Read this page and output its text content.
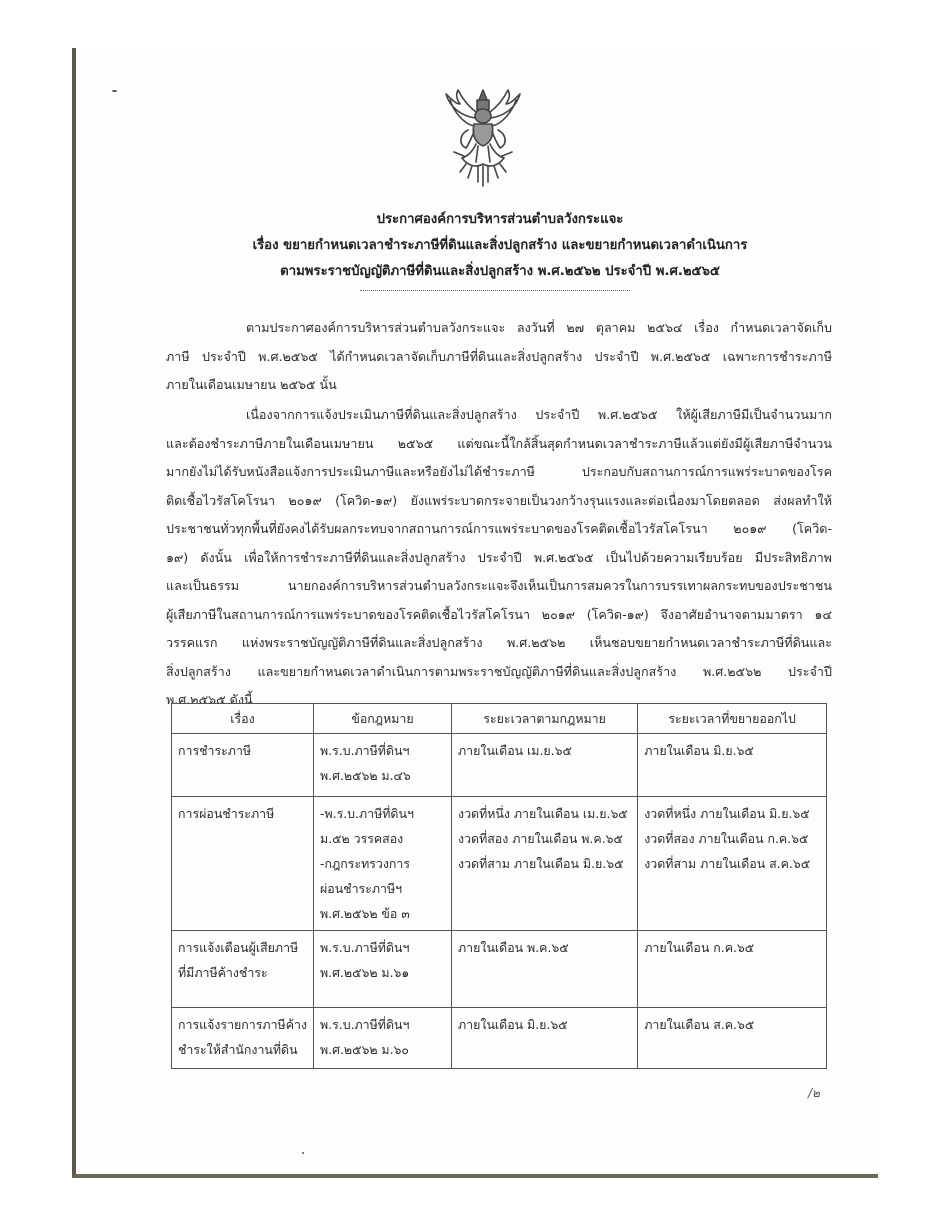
ประกาศองค์การบริหารส่วนตำบลวังกระแจะ
เรื่อง ขยายกำหนดเวลาชำระภาษีที่ดินและสิ่งปลูกสร้าง และขยายกำหนดเวลาดำเนินการ
ตามพระราชบัญญัติภาษีที่ดินและสิ่งปลูกสร้าง พ.ศ.๒๕๖๒ ประจำปี พ.ศ.๒๕๖๕
ตามประกาศองค์การบริหารส่วนตำบลวังกระแจะ ลงวันที่ ๒๗ ตุลาคม ๒๕๖๔ เรื่อง กำหนดเวลาจัดเก็บ
ภาษี ประจำปี พ.ศ.๒๕๖๕ ได้กำหนดเวลาจัดเก็บภาษีที่ดินและสิ่งปลูกสร้าง ประจำปี พ.ศ.๒๕๖๕ เฉพาะการชำระภาษี
ภายในเดือนเมษายน ๒๕๖๕ นั้น
เนื่องจากการแจ้งประเมินภาษีที่ดินและสิ่งปลูกสร้าง ประจำปี พ.ศ.๒๕๖๕ ให้ผู้เสียภาษีมีเป็นจำนวนมาก
และต้องชำระภาษีภายในเดือนเมษายน ๒๕๖๕ แต่ขณะนี้ใกล้สิ้นสุดกำหนดเวลาชำระภาษีแล้วแต่ยังมีผู้เสียภาษีจำนวน
มากยังไม่ได้รับหนังสือแจ้งการประเมินภาษีและหรือยังไม่ได้ชำระภาษี ประกอบกับสถานการณ์การแพร่ระบาดของโรค
ติดเชื้อไวรัสโคโรนา ๒๐๑๙ (โควิด-๑๙) ยังแพร่ระบาดกระจายเป็นวงกว้างรุนแรงและต่อเนื่องมาโดยตลอด ส่งผลทำให้
ประชาชนทั่วทุกพื้นที่ยังคงได้รับผลกระทบจากสถานการณ์การแพร่ระบาดของโรคติดเชื้อไวรัสโคโรนา ๒๐๑๙ (โควิด-
๑๙) ดังนั้น เพื่อให้การชำระภาษีที่ดินและสิ่งปลูกสร้าง ประจำปี พ.ศ.๒๕๖๕ เป็นไปด้วยความเรียบร้อย มีประสิทธิภาพ
และเป็นธรรม นายกองค์การบริหารส่วนตำบลวังกระแจะจึงเห็นเป็นการสมควรในการบรรเทาผลกระทบของประชาชน
ผู้เสียภาษีในสถานการณ์การแพร่ระบาดของโรคติดเชื้อไวรัสโคโรนา ๒๐๑๙ (โควิด-๑๙) จึงอาศัยอำนาจตามมาตรา ๑๔
วรรคแรก แห่งพระราชบัญญัติภาษีที่ดินและสิ่งปลูกสร้าง พ.ศ.๒๕๖๒ เห็นชอบขยายกำหนดเวลาชำระภาษีที่ดินและ
สิ่งปลูกสร้าง และขยายกำหนดเวลาดำเนินการตามพระราชบัญญัติภาษีที่ดินและสิ่งปลูกสร้าง พ.ศ.๒๕๖๒ ประจำปี
พ.ศ.๒๕๖๕ ดังนี้
เรื่อง	ข้อกฎหมาย	ระยะเวลาตามกฎหมาย	ระยะเวลาที่ขยายออกไป

การชำระภาษี	พ.ร.บ.ภาษีที่ดินฯ
พ.ศ.๒๕๖๒ ม.๔๖	ภายในเดือน เม.ย.๖๕	ภายในเดือน มิ.ย.๖๕

การผ่อนชำระภาษี	-พ.ร.บ.ภาษีที่ดินฯ
ม.๕๒ วรรคสอง
-กฎกระทรวงการ
ผ่อนชำระภาษีฯ
พ.ศ.๒๕๖๒ ข้อ ๓	งวดที่หนึ่ง ภายในเดือน เม.ย.๖๕
งวดที่สอง ภายในเดือน พ.ค.๖๕
งวดที่สาม ภายในเดือน มิ.ย.๖๕	งวดที่หนึ่ง ภายในเดือน มิ.ย.๖๕
งวดที่สอง ภายในเดือน ก.ค.๖๕
งวดที่สาม ภายในเดือน ส.ค.๖๕

การแจ้งเตือนผู้เสียภาษี
ที่มีภาษีค้างชำระ	พ.ร.บ.ภาษีที่ดินฯ
พ.ศ.๒๕๖๒ ม.๖๑	ภายในเดือน พ.ค.๖๕	ภายในเดือน ก.ค.๖๕

การแจ้งรายการภาษีค้าง
ชำระให้สำนักงานที่ดิน	พ.ร.บ.ภาษีที่ดินฯ
พ.ศ.๒๕๖๒ ม.๖๐	ภายในเดือน มิ.ย.๖๕	ภายในเดือน ส.ค.๖๕
/๒
